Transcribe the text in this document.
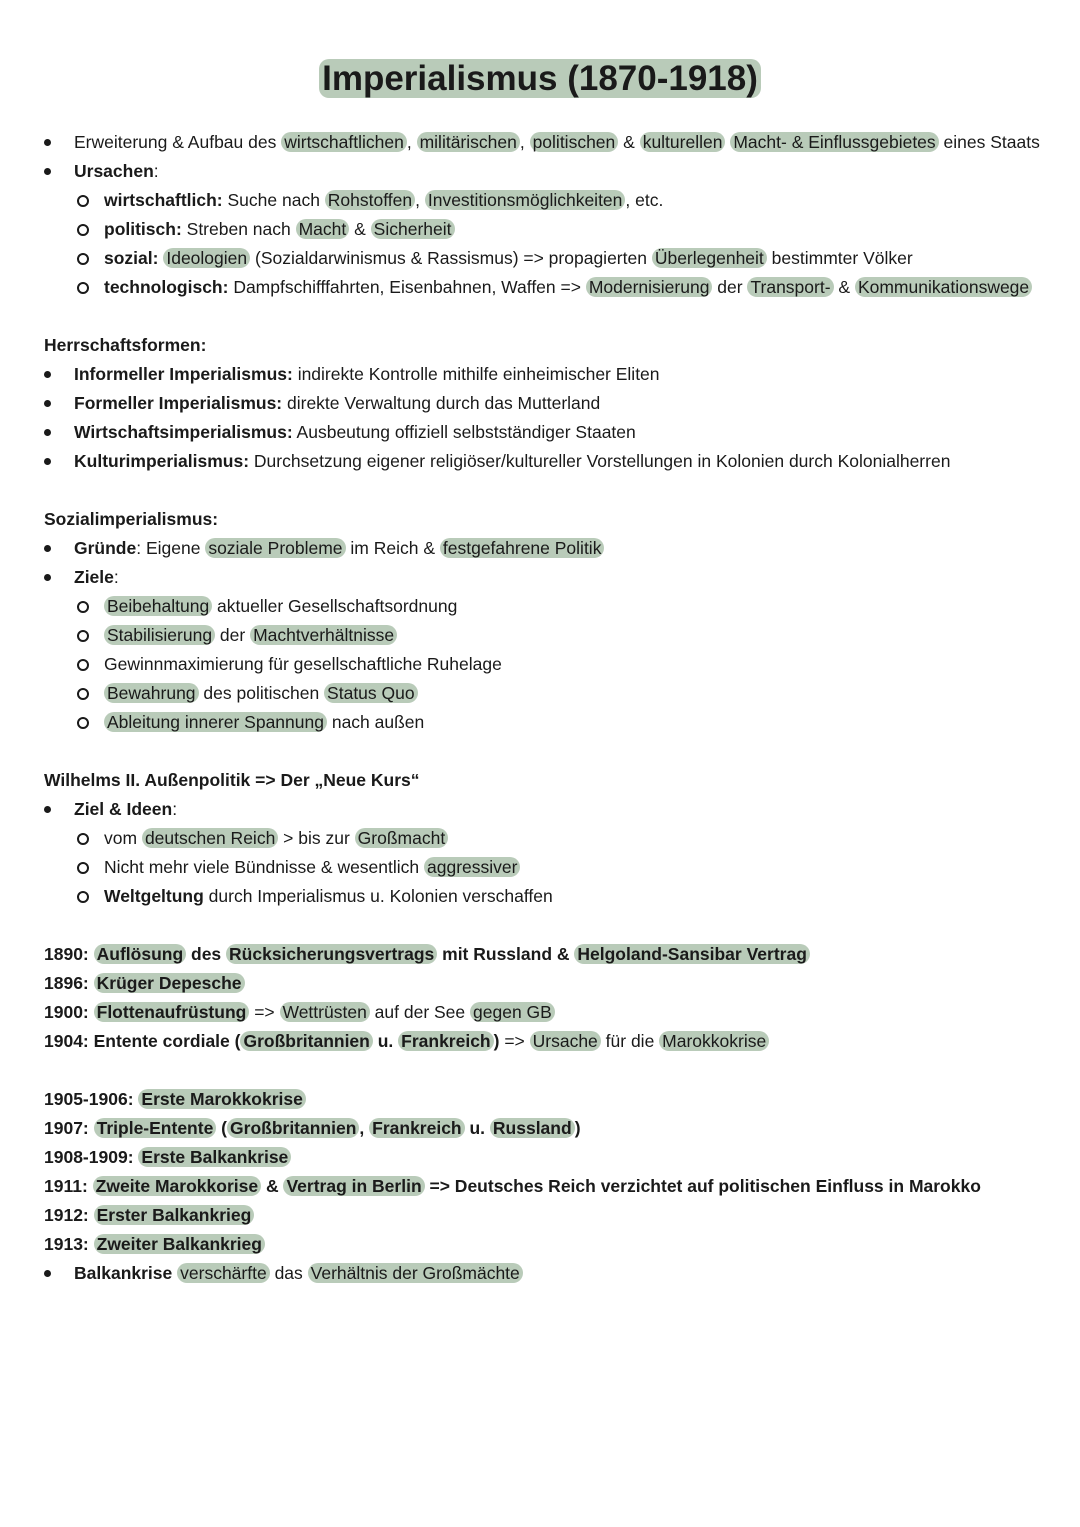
Imperialismus (1870-1918)
Erweiterung & Aufbau des wirtschaftlichen , militärischen , politischen & kulturellen Macht- & Einflussgebietes eines Staats
Ursachen:
wirtschaftlich: Suche nach Rohstoffen , Investitionsmöglichkeiten , etc.
politisch: Streben nach Macht & Sicherheit
sozial: Ideologien (Sozialdarwinismus & Rassismus) => propagierten Überlegenheit bestimmter Völker
technologisch: Dampfschifffahrten, Eisenbahnen, Waffen => Modernisierung der Transport- & Kommunikationswege
Herrschaftsformen:
Informeller Imperialismus: indirekte Kontrolle mithilfe einheimischer Eliten
Formeller Imperialismus: direkte Verwaltung durch das Mutterland
Wirtschaftsimperialismus: Ausbeutung offiziell selbstständiger Staaten
Kulturimperialismus: Durchsetzung eigener religiöser/kultureller Vorstellungen in Kolonien durch Kolonialherren
Sozialimperialismus:
Gründe: Eigene soziale Probleme im Reich & festgefahrene Politik
Ziele:
Beibehaltung aktueller Gesellschaftsordnung
Stabilisierung der Machtverhältnisse
Gewinnmaximierung für gesellschaftliche Ruhelage
Bewahrung des politischen Status Quo
Ableitung innerer Spannung nach außen
Wilhelms II. Außenpolitik => Der „Neue Kurs“
Ziel & Ideen:
vom deutschen Reich > bis zur Großmacht
Nicht mehr viele Bündnisse & wesentlich aggressiver
Weltgeltung durch Imperialismus u. Kolonien verschaffen
1890: Auflösung des Rücksicherungsvertrags mit Russland & Helgoland-Sansibar Vertrag
1896: Krüger Depesche
1900: Flottenaufrüstung => Wettrüsten auf der See gegen GB
1904: Entente cordiale ( Großbritannien u. Frankreich ) => Ursache für die Marokkokrise
1905-1906: Erste Marokkokrise
1907: Triple-Entente ( Großbritannien , Frankreich u. Russland )
1908-1909: Erste Balkankrise
1911: Zweite Marokkorise & Vertrag in Berlin => Deutsches Reich verzichtet auf politischen Einfluss in Marokko
1912: Erster Balkankrieg
1913: Zweiter Balkankrieg
Balkankrise verschärfte das Verhältnis der Großmächte
